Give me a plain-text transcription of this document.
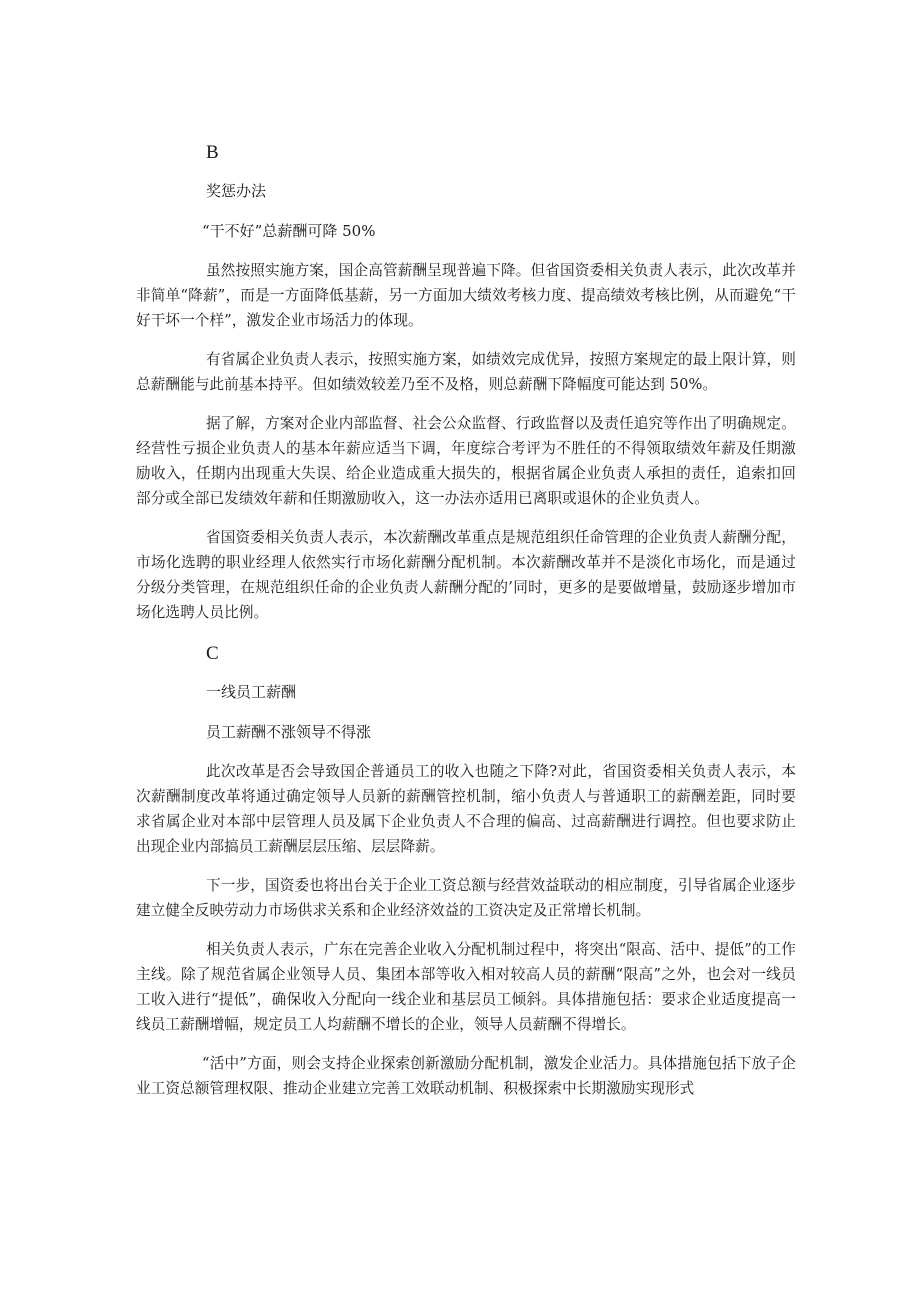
B
奖惩办法
“干不好”总薪酬可降 50%

虽然按照实施方案，国企高管薪酬呈现普遍下降。但省国资委相关负责人表示，此次改革并非简单“降薪”，而是一方面降低基薪，另一方面加大绩效考核力度、提高绩效考核比例，从而避免“干好干坏一个样”，激发企业市场活力的体现。

有省属企业负责人表示，按照实施方案，如绩效完成优异，按照方案规定的最上限计算，则总薪酬能与此前基本持平。但如绩效较差乃至不及格，则总薪酬下降幅度可能达到 50%。

据了解，方案对企业内部监督、社会公众监督、行政监督以及责任追究等作出了明确规定。经营性亏损企业负责人的基本年薪应适当下调，年度综合考评为不胜任的不得领取绩效年薪及任期激励收入，任期内出现重大失误、给企业造成重大损失的，根据省属企业负责人承担的责任，追索扣回部分或全部已发绩效年薪和任期激励收入，这一办法亦适用已离职或退休的企业负责人。

省国资委相关负责人表示，本次薪酬改革重点是规范组织任命管理的企业负责人薪酬分配，市场化选聘的职业经理人依然实行市场化薪酬分配机制。本次薪酬改革并不是淡化市场化，而是通过分级分类管理，在规范组织任命的企业负责人薪酬分配的’同时，更多的是要做增量，鼓励逐步增加市场化选聘人员比例。

C
一线员工薪酬
员工薪酬不涨领导不得涨

此次改革是否会导致国企普通员工的收入也随之下降?对此，省国资委相关负责人表示，本次薪酬制度改革将通过确定领导人员新的薪酬管控机制，缩小负责人与普通职工的薪酬差距，同时要求省属企业对本部中层管理人员及属下企业负责人不合理的偏高、过高薪酬进行调控。但也要求防止出现企业内部搞员工薪酬层层压缩、层层降薪。

下一步，国资委也将出台关于企业工资总额与经营效益联动的相应制度，引导省属企业逐步建立健全反映劳动力市场供求关系和企业经济效益的工资决定及正常增长机制。

相关负责人表示，广东在完善企业收入分配机制过程中，将突出“限高、活中、提低”的工作主线。除了规范省属企业领导人员、集团本部等收入相对较高人员的薪酬“限高”之外，也会对一线员工收入进行“提低”，确保收入分配向一线企业和基层员工倾斜。具体措施包括：要求企业适度提高一线员工薪酬增幅，规定员工人均薪酬不增长的企业，领导人员薪酬不得增长。

“活中”方面，则会支持企业探索创新激励分配机制，激发企业活力。具体措施包括下放子企业工资总额管理权限、推动企业建立完善工效联动机制、积极探索中长期激励实现形式
